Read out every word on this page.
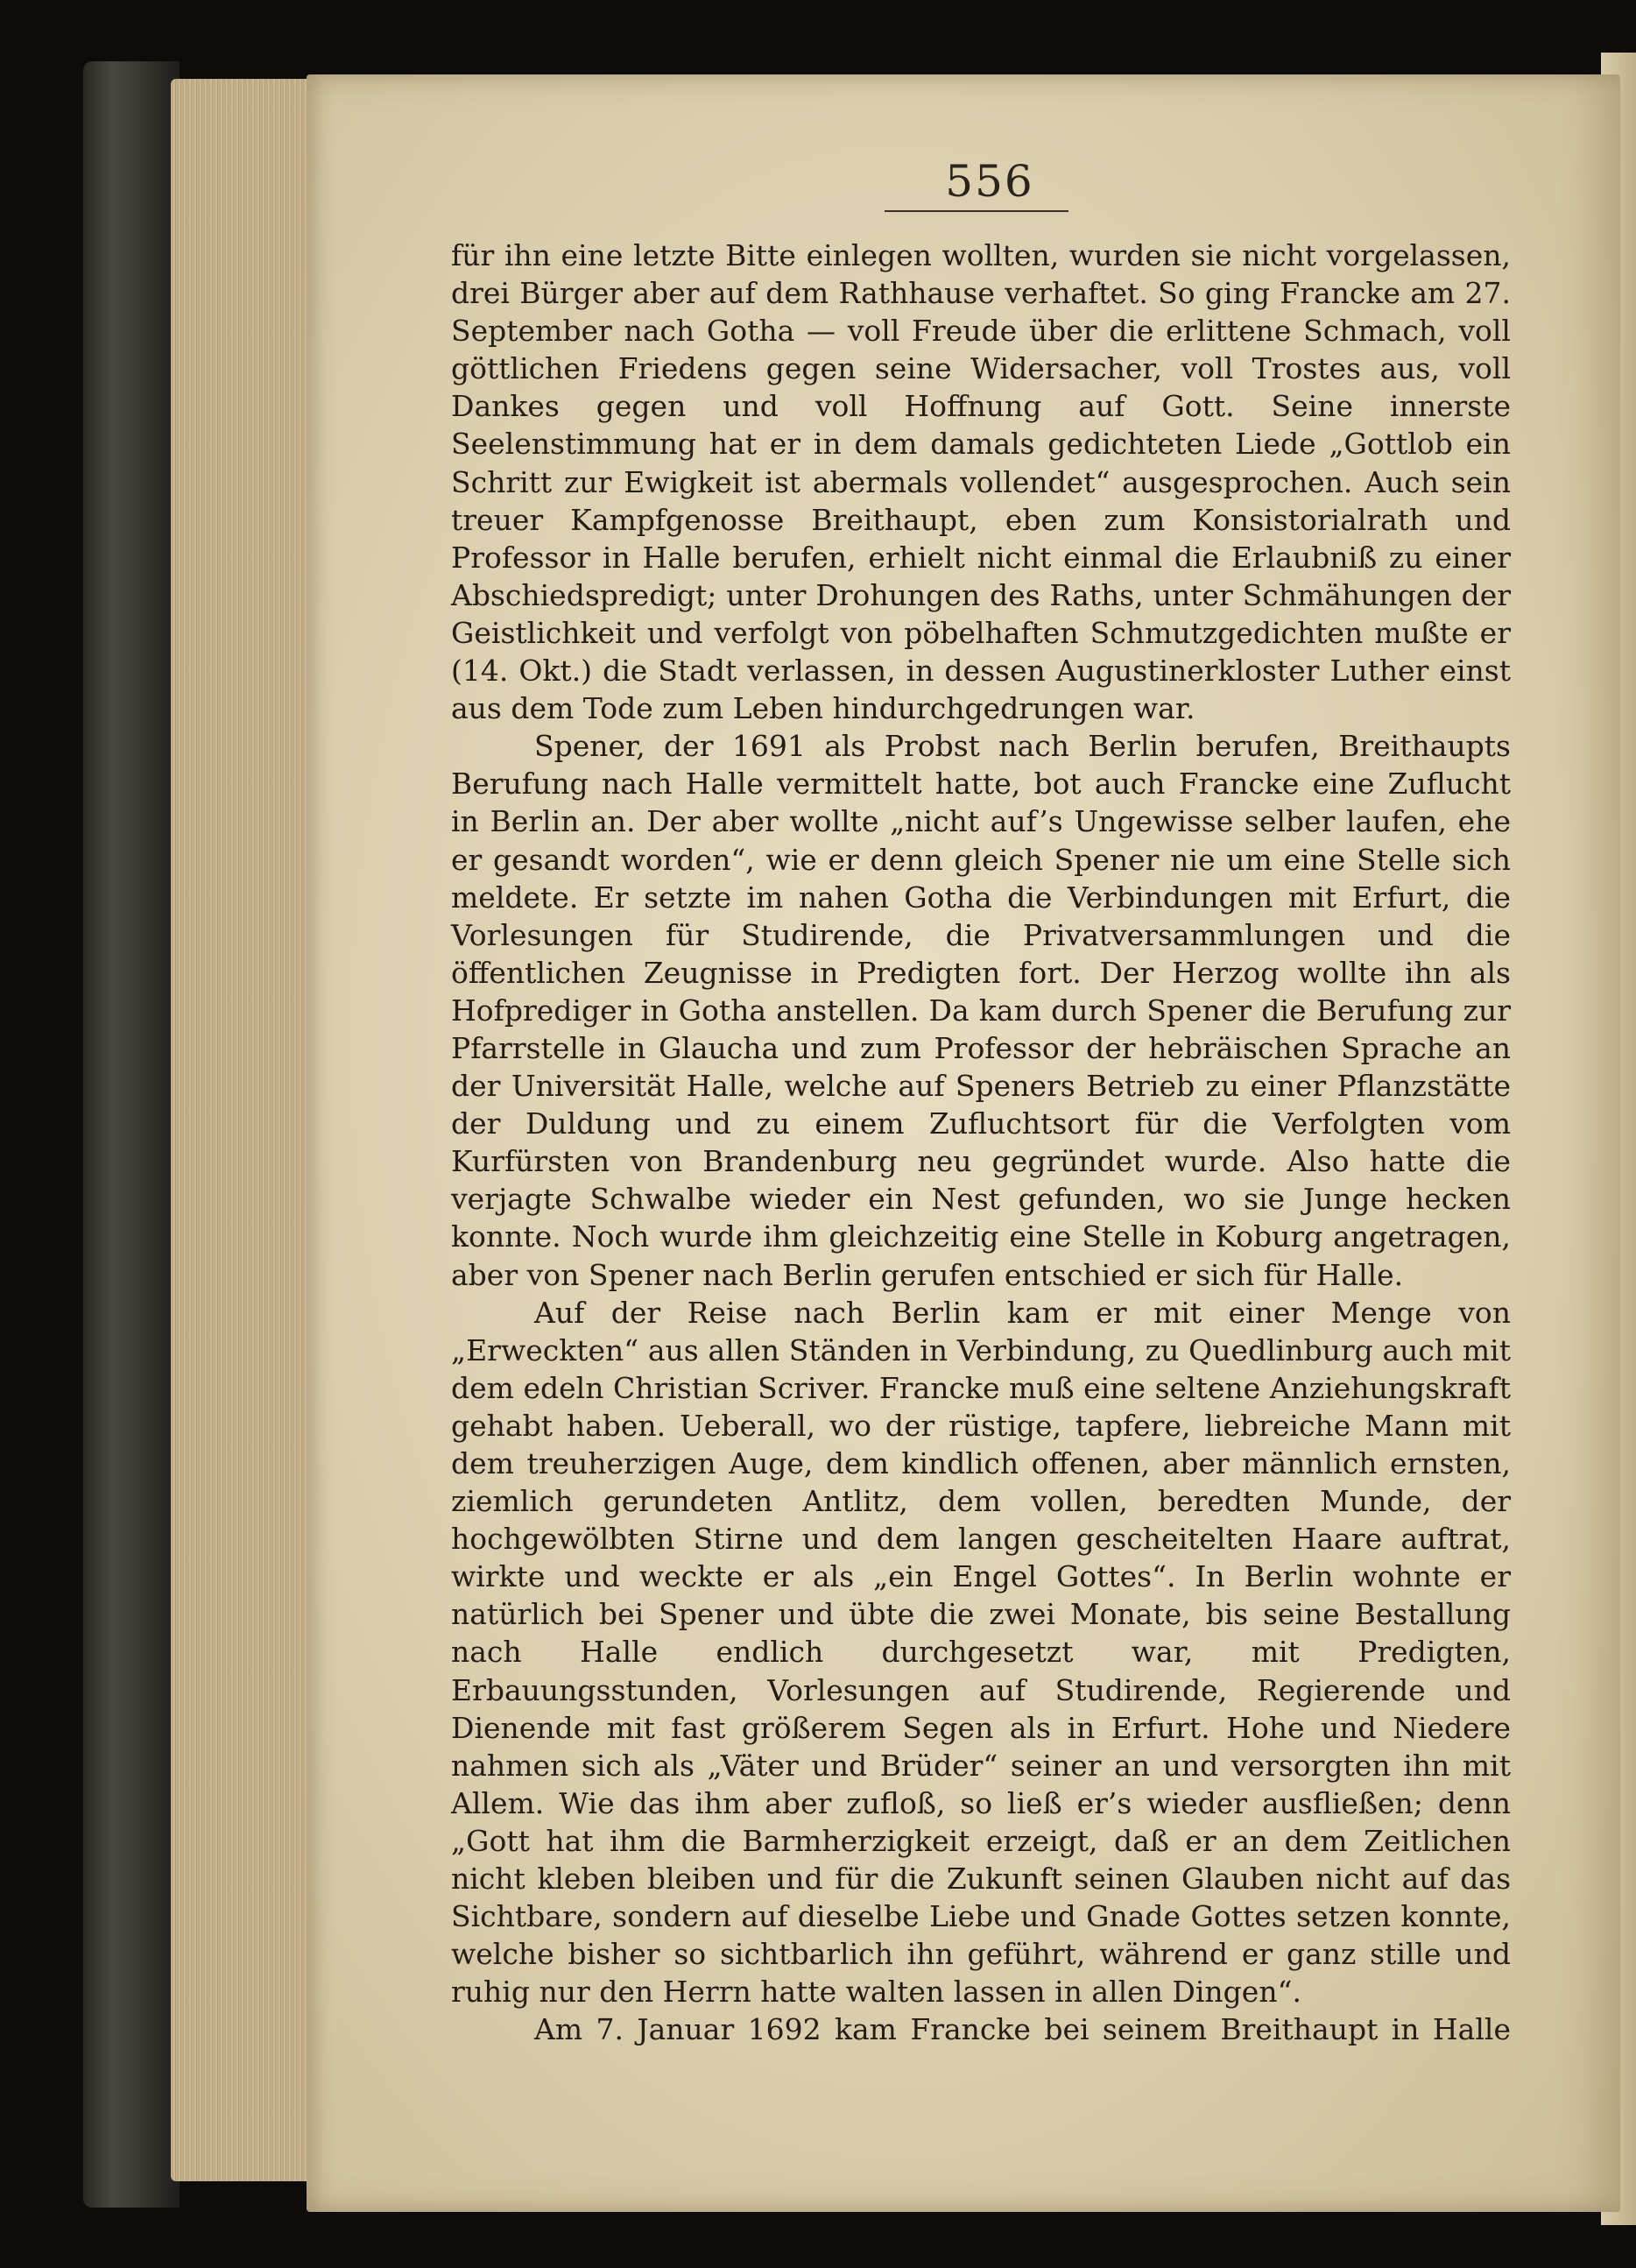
556

für ihn eine letzte Bitte einlegen wollten, wurden sie nicht vorgelassen, drei Bürger aber auf dem Rathhause verhaftet. So ging Francke am 27. September nach Gotha — voll Freude über die erlittene Schmach, voll göttlichen Friedens gegen seine Widersacher, voll Trostes aus, voll Dankes gegen und voll Hoffnung auf Gott. Seine innerste Seelenstimmung hat er in dem damals gedichteten Liede „Gottlob ein Schritt zur Ewigkeit ist abermals vollendet“ ausgesprochen. Auch sein treuer Kampfgenosse Breithaupt, eben zum Konsistorialrath und Professor in Halle berufen, erhielt nicht einmal die Erlaubniß zu einer Abschiedspredigt; unter Drohungen des Raths, unter Schmähungen der Geistlichkeit und verfolgt von pöbelhaften Schmutzgedichten mußte er (14. Okt.) die Stadt verlassen, in dessen Augustinerkloster Luther einst aus dem Tode zum Leben hindurchgedrungen war.

Spener, der 1691 als Probst nach Berlin berufen, Breithaupts Berufung nach Halle vermittelt hatte, bot auch Francke eine Zuflucht in Berlin an. Der aber wollte „nicht auf’s Ungewisse selber laufen, ehe er gesandt worden“, wie er denn gleich Spener nie um eine Stelle sich meldete. Er setzte im nahen Gotha die Verbindungen mit Erfurt, die Vorlesungen für Studirende, die Privatversammlungen und die öffentlichen Zeugnisse in Predigten fort. Der Herzog wollte ihn als Hofprediger in Gotha anstellen. Da kam durch Spener die Berufung zur Pfarrstelle in Glaucha und zum Professor der hebräischen Sprache an der Universität Halle, welche auf Speners Betrieb zu einer Pflanzstätte der Duldung und zu einem Zufluchtsort für die Verfolgten vom Kurfürsten von Brandenburg neu gegründet wurde. Also hatte die verjagte Schwalbe wieder ein Nest gefunden, wo sie Junge hecken konnte. Noch wurde ihm gleichzeitig eine Stelle in Koburg angetragen, aber von Spener nach Berlin gerufen entschied er sich für Halle.

Auf der Reise nach Berlin kam er mit einer Menge von „Erweckten“ aus allen Ständen in Verbindung, zu Quedlinburg auch mit dem edeln Christian Scriver. Francke muß eine seltene Anziehungskraft gehabt haben. Ueberall, wo der rüstige, tapfere, liebreiche Mann mit dem treuherzigen Auge, dem kindlich offenen, aber männlich ernsten, ziemlich gerundeten Antlitz, dem vollen, beredten Munde, der hochgewölbten Stirne und dem langen gescheitelten Haare auftrat, wirkte und weckte er als „ein Engel Gottes“. In Berlin wohnte er natürlich bei Spener und übte die zwei Monate, bis seine Bestallung nach Halle endlich durchgesetzt war, mit Predigten, Erbauungsstunden, Vorlesungen auf Studirende, Regierende und Dienende mit fast größerem Segen als in Erfurt. Hohe und Niedere nahmen sich als „Väter und Brüder“ seiner an und versorgten ihn mit Allem. Wie das ihm aber zufloß, so ließ er’s wieder ausfließen; denn „Gott hat ihm die Barmherzigkeit erzeigt, daß er an dem Zeitlichen nicht kleben bleiben und für die Zukunft seinen Glauben nicht auf das Sichtbare, sondern auf dieselbe Liebe und Gnade Gottes setzen konnte, welche bisher so sichtbarlich ihn geführt, während er ganz stille und ruhig nur den Herrn hatte walten lassen in allen Dingen“.

Am 7. Januar 1692 kam Francke bei seinem Breithaupt in Halle
